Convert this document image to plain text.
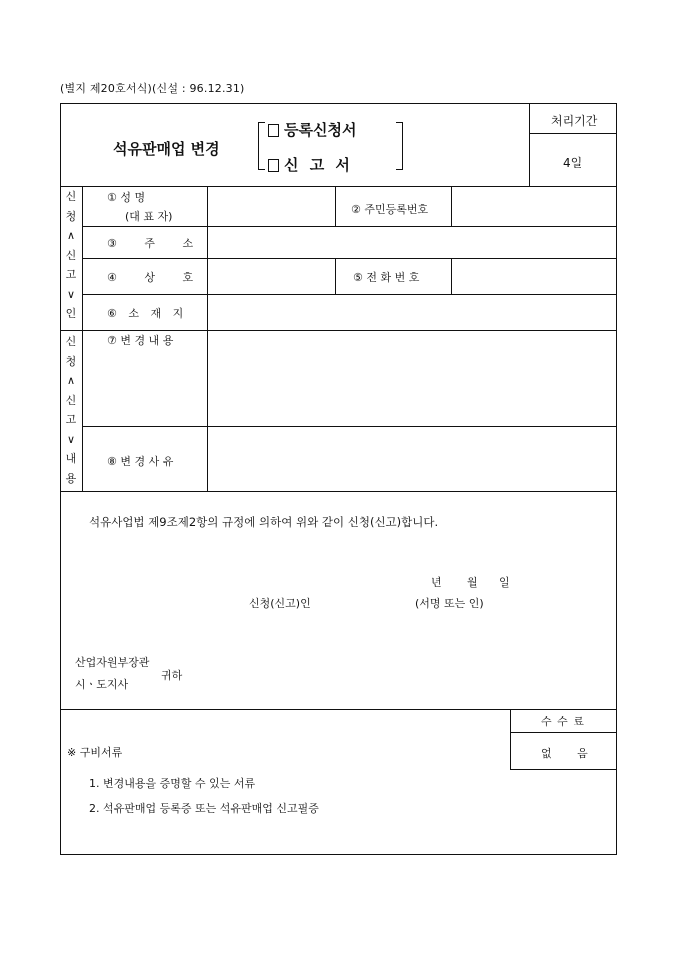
(별지 제20호서식)(신설 : 96.12.31)
석유판매업 변경
등록신청서
신 고 서
처리기간
4일
신
청
∧
신
고
∨
인
① 성 명
(대 표 자)
② 주민등록번호
③ 주 소
④ 상 호	⑤ 전 화 번 호
⑥ 소 재 지
신
청
∧
신
고
∨
내
용
⑦ 변 경 내 용
⑧ 변 경 사 유
석유사업법 제9조제2항의 규정에 의하여 위와 같이 신청(신고)합니다.
년 월 일
신청(신고)인	(서명 또는 인)
산업자원부장관
시ㆍ도지사
귀하
수 수 료
없 음
※ 구비서류
1. 변경내용을 증명할 수 있는 서류
2. 석유판매업 등록증 또는 석유판매업 신고필증
